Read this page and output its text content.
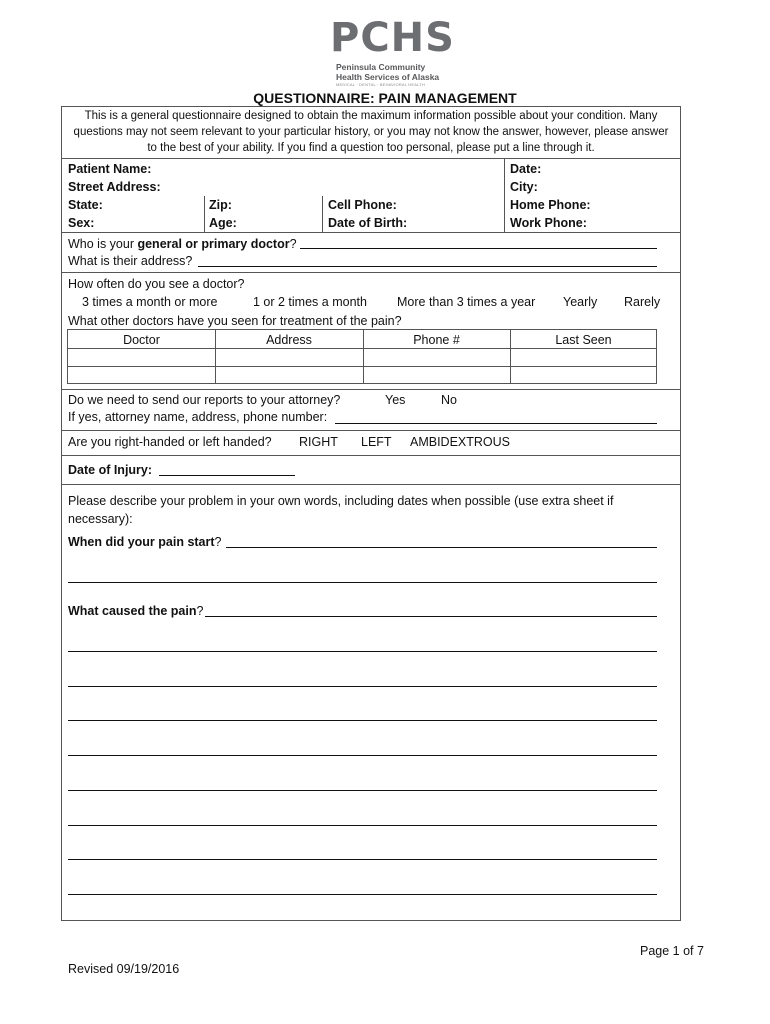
PCHS
Peninsula Community
Health Services of Alaska
MEDICAL · DENTAL · BEHAVIORAL HEALTH
QUESTIONNAIRE: PAIN MANAGEMENT
This is a general questionnaire designed to obtain the maximum information possible about your condition. Many
questions may not seem relevant to your particular history, or you may not know the answer, however, please answer
to the best of your ability. If you find a question too personal, please put a line through it.
Patient Name:	Date:
Street Address:	City:
State:	Zip:	Cell Phone:	Home Phone:
Sex:	Age:	Date of Birth:	Work Phone:
Who is your general or primary doctor?
What is their address?
How often do you see a doctor?
3 times a month or more	1 or 2 times a month More than 3 times a year Yearly Rarely
What other doctors have you seen for treatment of the pain?
Doctor	Address	Phone #	Last Seen
Do we need to send our reports to your attorney?	Yes	No
If yes, attorney name, address, phone number:
Are you right-handed or left handed? RIGHT LEFT AMBIDEXTROUS
Date of Injury:
Please describe your problem in your own words, including dates when possible (use extra sheet if
necessary):
When did your pain start?
What caused the pain?
Page 1 of 7
Revised 09/19/2016
